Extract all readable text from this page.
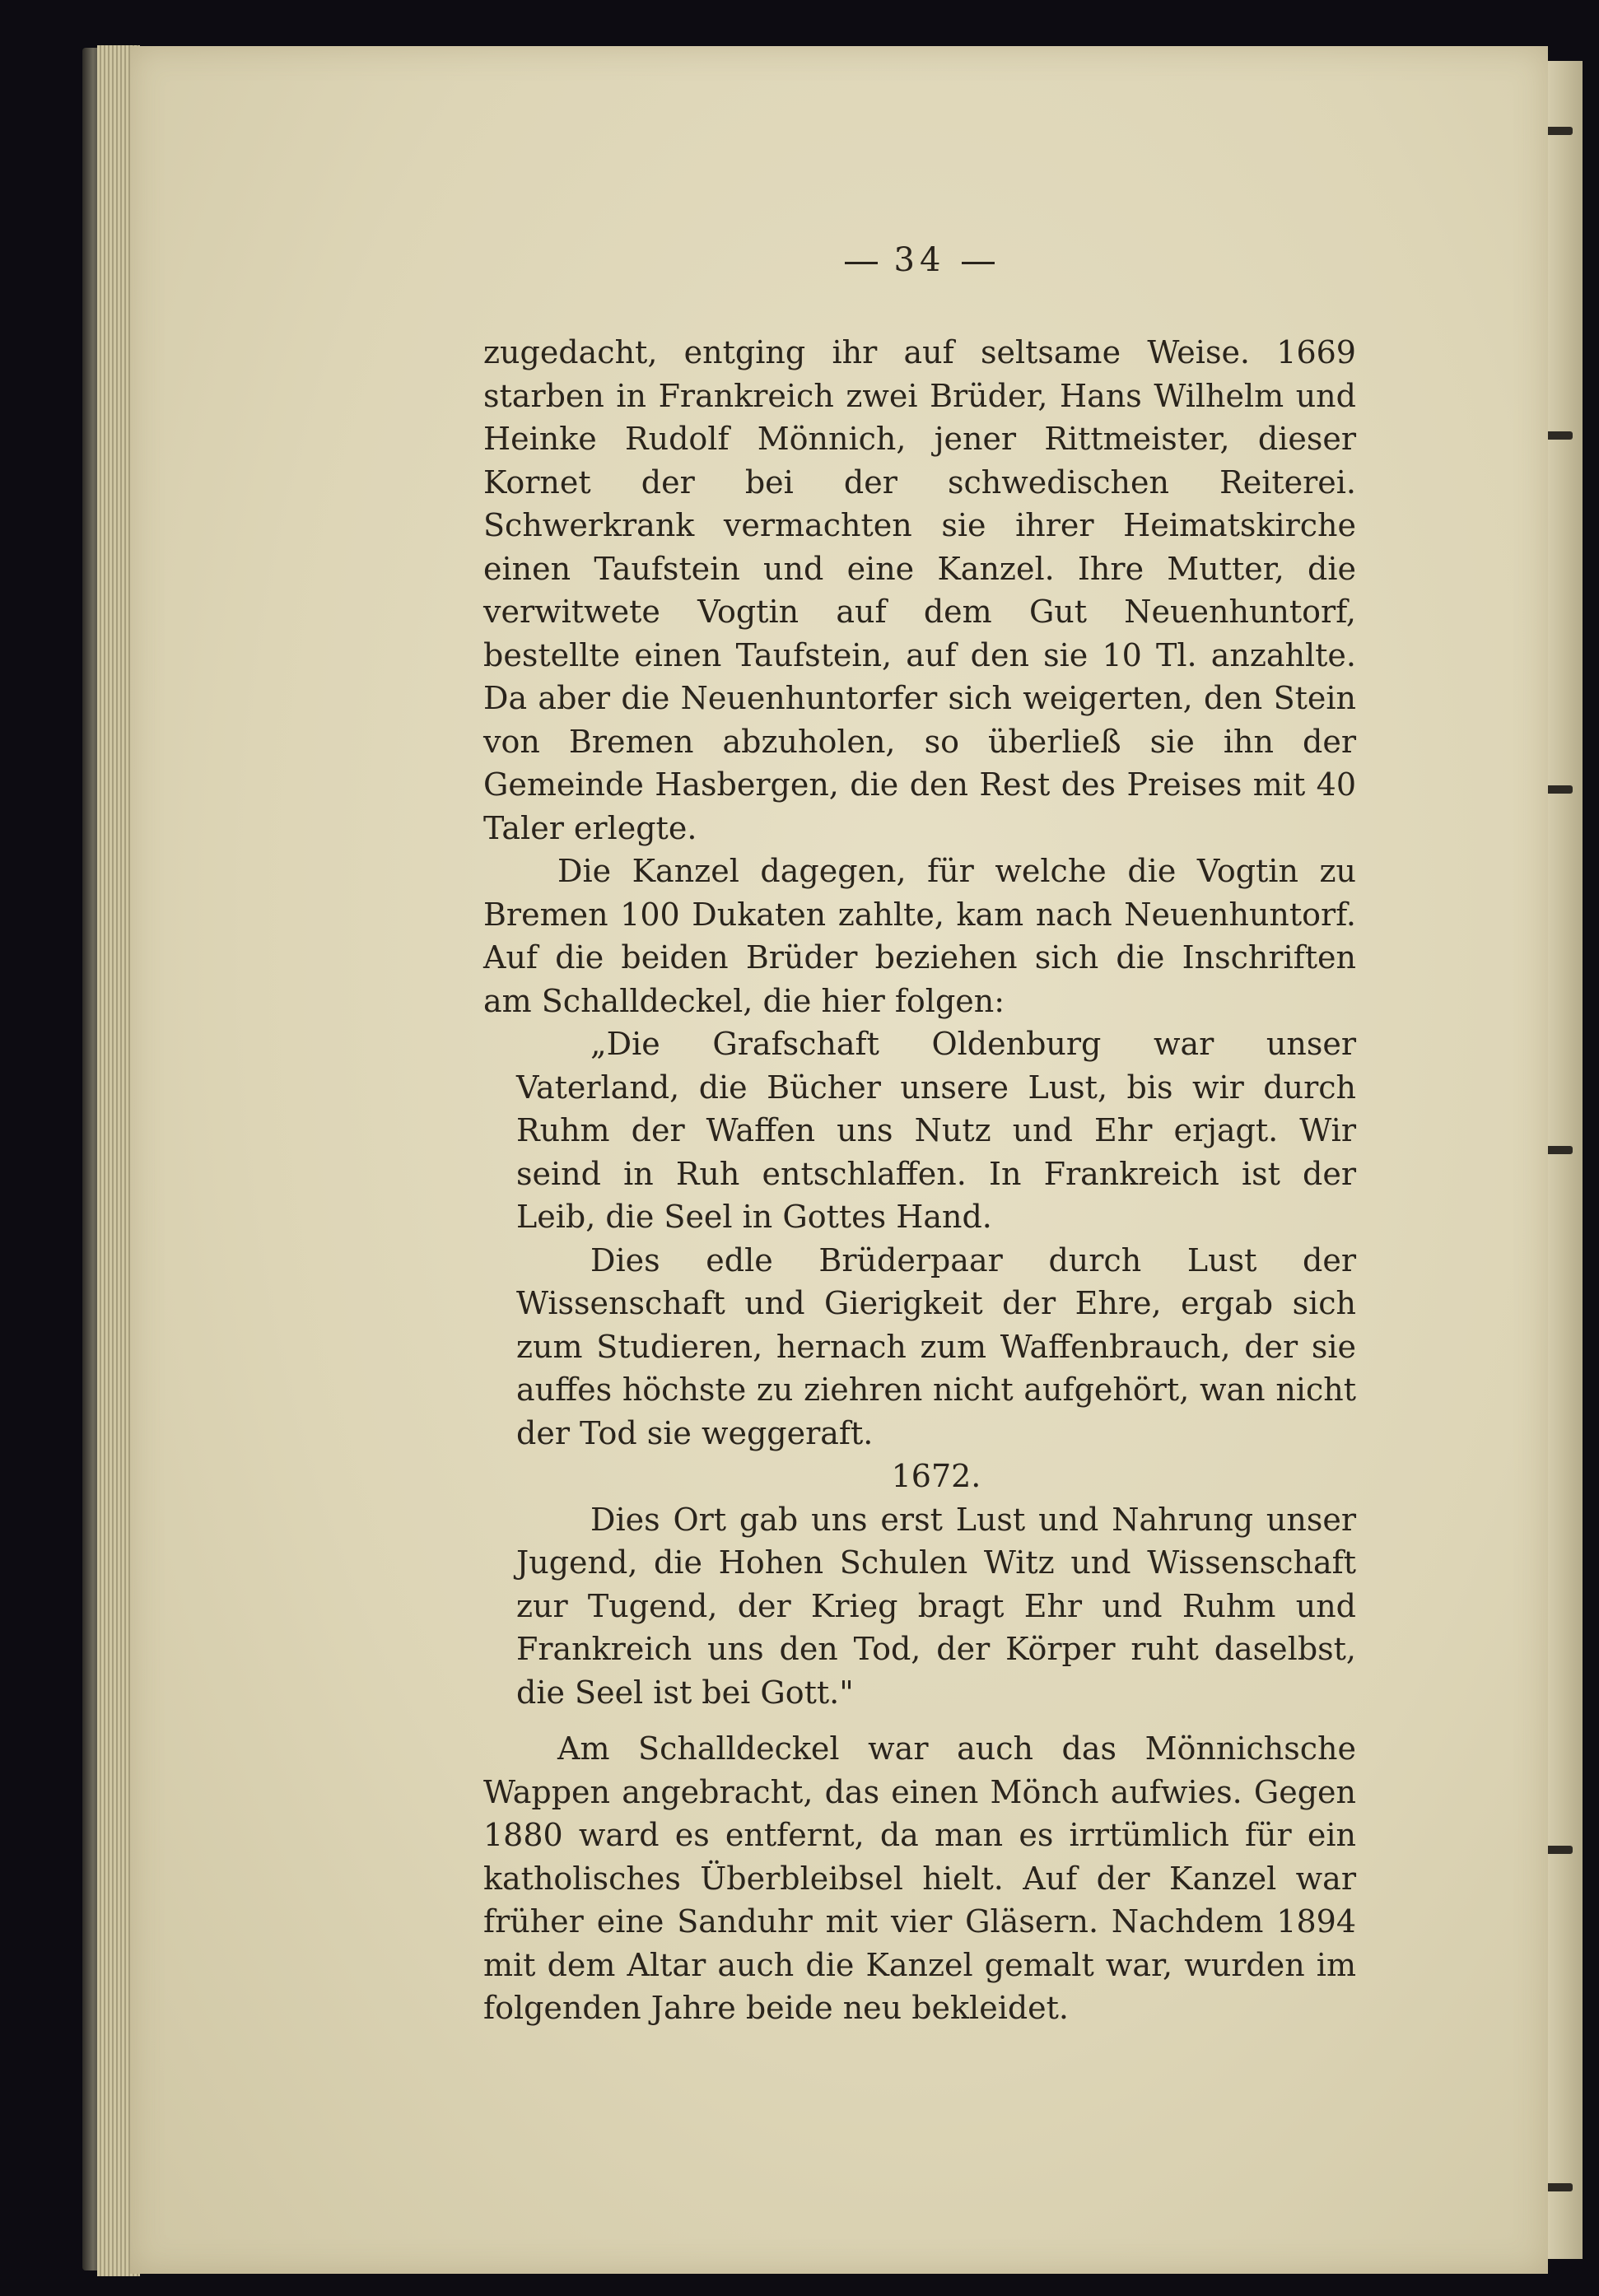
34

zugedacht, entging ihr auf seltsame Weise. 1669 starben in Frankreich zwei Brüder, Hans Wilhelm und Heinke Rudolf Mönnich, jener Rittmeister, dieser Kornet der bei der schwedischen Reiterei. Schwerkrank vermachten sie ihrer Heimatskirche einen Taufstein und eine Kanzel. Ihre Mutter, die verwitwete Vogtin auf dem Gut Neuenhuntorf, bestellte einen Taufstein, auf den sie 10 Tl. anzahlte. Da aber die Neuenhuntorfer sich weigerten, den Stein von Bremen abzuholen, so überließ sie ihn der Gemeinde Hasbergen, die den Rest des Preises mit 40 Taler erlegte.

Die Kanzel dagegen, für welche die Vogtin zu Bremen 100 Dukaten zahlte, kam nach Neuenhuntorf. Auf die beiden Brüder beziehen sich die Inschriften am Schalldeckel, die hier folgen:

„Die Grafschaft Oldenburg war unser Vaterland, die Bücher unsere Lust, bis wir durch Ruhm der Waffen uns Nutz und Ehr erjagt. Wir seind in Ruh entschlaffen. In Frankreich ist der Leib, die Seel in Gottes Hand.

Dies edle Brüderpaar durch Lust der Wissenschaft und Gierigkeit der Ehre, ergab sich zum Studieren, hernach zum Waffenbrauch, der sie auffes höchste zu ziehren nicht aufgehört, wan nicht der Tod sie weggeraft.

1672.

Dies Ort gab uns erst Lust und Nahrung unser Jugend, die Hohen Schulen Witz und Wissenschaft zur Tugend, der Krieg bragt Ehr und Ruhm und Frankreich uns den Tod, der Körper ruht daselbst, die Seel ist bei Gott."

Am Schalldeckel war auch das Mönnichsche Wappen angebracht, das einen Mönch aufwies. Gegen 1880 ward es entfernt, da man es irrtümlich für ein katholisches Überbleibsel hielt. Auf der Kanzel war früher eine Sanduhr mit vier Gläsern. Nachdem 1894 mit dem Altar auch die Kanzel gemalt war, wurden im folgenden Jahre beide neu bekleidet.
